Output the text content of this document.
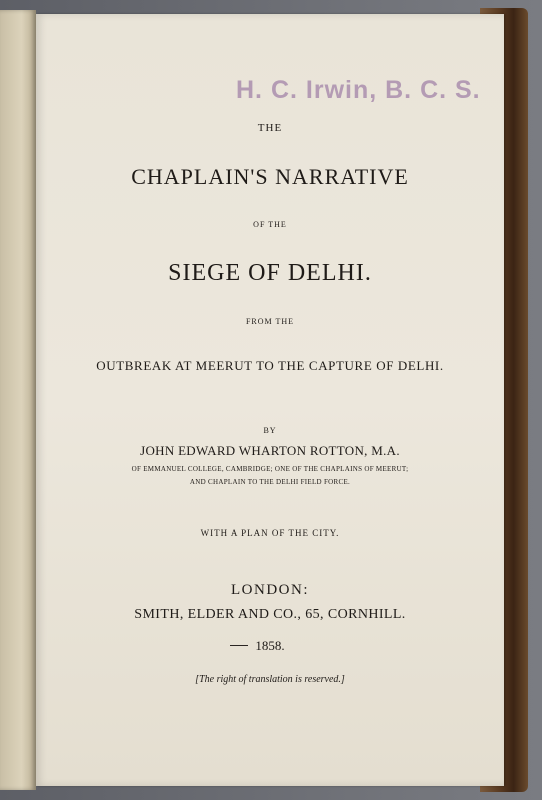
H. C. Irwin, B. C. S.
THE
CHAPLAIN'S NARRATIVE
OF THE
SIEGE OF DELHI.
FROM THE
OUTBREAK AT MEERUT TO THE CAPTURE OF DELHI.
BY
JOHN EDWARD WHARTON ROTTON, M.A.
OF EMMANUEL COLLEGE, CAMBRIDGE; ONE OF THE CHAPLAINS OF MEERUT;
AND CHAPLAIN TO THE DELHI FIELD FORCE.
WITH A PLAN OF THE CITY.
LONDON:
SMITH, ELDER AND CO., 65, CORNHILL.
1858.
[The right of translation is reserved.]
